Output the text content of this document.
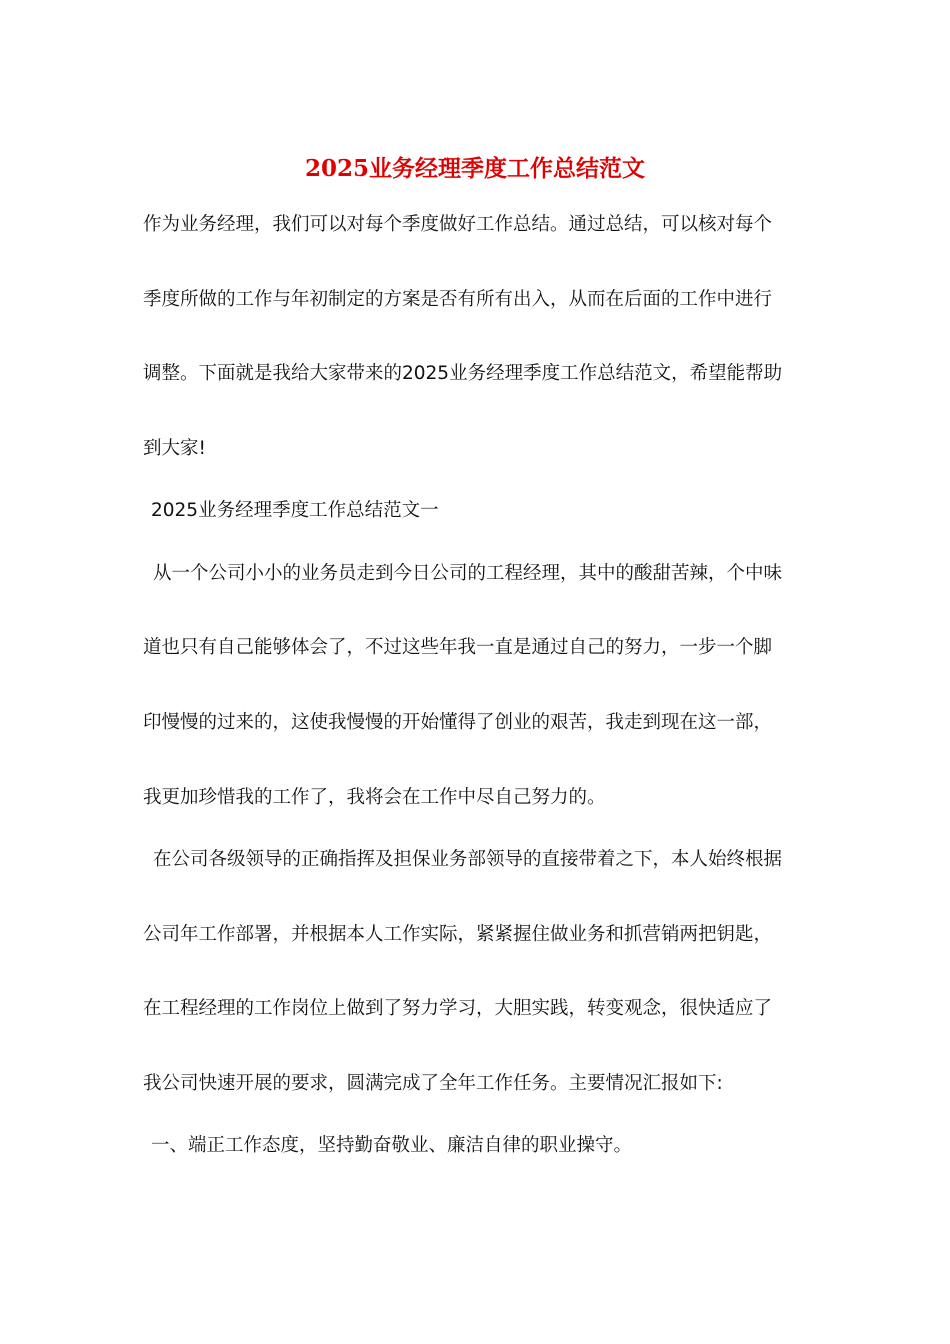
2025业务经理季度工作总结范文
作为业务经理，我们可以对每个季度做好工作总结。通过总结，可以核对每个
季度所做的工作与年初制定的方案是否有所有出入，从而在后面的工作中进行
调整。下面就是我给大家带来的2025业务经理季度工作总结范文，希望能帮助
到大家!
2025业务经理季度工作总结范文一
从一个公司小小的业务员走到今日公司的工程经理，其中的酸甜苦辣，个中味
道也只有自己能够体会了，不过这些年我一直是通过自己的努力，一步一个脚
印慢慢的过来的，这使我慢慢的开始懂得了创业的艰苦，我走到现在这一部，
我更加珍惜我的工作了，我将会在工作中尽自己努力的。
在公司各级领导的正确指挥及担保业务部领导的直接带着之下，本人始终根据
公司年工作部署，并根据本人工作实际，紧紧握住做业务和抓营销两把钥匙，
在工程经理的工作岗位上做到了努力学习，大胆实践，转变观念，很快适应了
我公司快速开展的要求，圆满完成了全年工作任务。主要情况汇报如下:
一、端正工作态度，坚持勤奋敬业、廉洁自律的职业操守。
